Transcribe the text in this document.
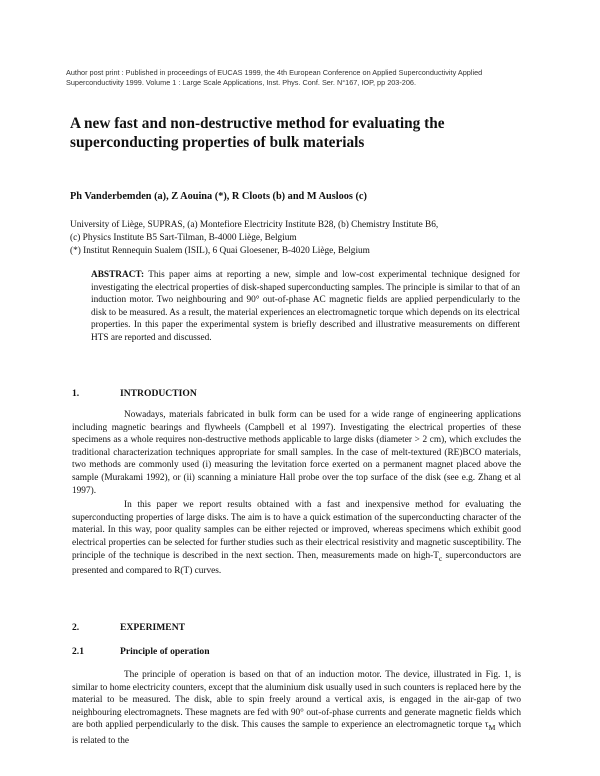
Author post print : Published in proceedings of EUCAS 1999, the 4th European Conference on Applied Superconductivity Applied Superconductivity 1999. Volume 1 : Large Scale Applications, Inst. Phys. Conf. Ser. N°167, IOP, pp 203-206.
A new fast and non-destructive method for evaluating the superconducting properties of bulk materials
Ph Vanderbemden (a), Z Aouina (*), R Cloots (b) and M Ausloos (c)
University of Liège, SUPRAS, (a) Montefiore Electricity Institute B28, (b) Chemistry Institute B6,
(c) Physics Institute B5 Sart-Tilman, B-4000 Liège, Belgium
(*) Institut Rennequin Sualem (ISIL), 6 Quai Gloesener, B-4020 Liège, Belgium
ABSTRACT: This paper aims at reporting a new, simple and low-cost experimental technique designed for investigating the electrical properties of disk-shaped superconducting samples. The principle is similar to that of an induction motor. Two neighbouring and 90° out-of-phase AC magnetic fields are applied perpendicularly to the disk to be measured. As a result, the material experiences an electromagnetic torque which depends on its electrical properties. In this paper the experimental system is briefly described and illustrative measurements on different HTS are reported and discussed.
1.	INTRODUCTION

Nowadays, materials fabricated in bulk form can be used for a wide range of engineering applications including magnetic bearings and flywheels (Campbell et al 1997). Investigating the electrical properties of these specimens as a whole requires non-destructive methods applicable to large disks (diameter > 2 cm), which excludes the traditional characterization techniques appropriate for small samples. In the case of melt-textured (RE)BCO materials, two methods are commonly used (i) measuring the levitation force exerted on a permanent magnet placed above the sample (Murakami 1992), or (ii) scanning a miniature Hall probe over the top surface of the disk (see e.g. Zhang et al 1997).

In this paper we report results obtained with a fast and inexpensive method for evaluating the superconducting properties of large disks. The aim is to have a quick estimation of the superconducting character of the material. In this way, poor quality samples can be either rejected or improved, whereas specimens which exhibit good electrical properties can be selected for further studies such as their electrical resistivity and magnetic susceptibility. The principle of the technique is described in the next section. Then, measurements made on high-$T_c$ superconductors are presented and compared to R(T) curves.

2.	EXPERIMENT
2.1	Principle of operation

The principle of operation is based on that of an induction motor. The device, illustrated in Fig. 1, is similar to home electricity counters, except that the aluminium disk usually used in such counters is replaced here by the material to be measured. The disk, able to spin freely around a vertical axis, is engaged in the air-gap of two neighbouring electromagnets. These magnets are fed with 90° out-of-phase currents and generate magnetic fields which are both applied perpendicularly to the disk. This causes the sample to experience an electromagnetic torque $\tau_M$ which is related to the
